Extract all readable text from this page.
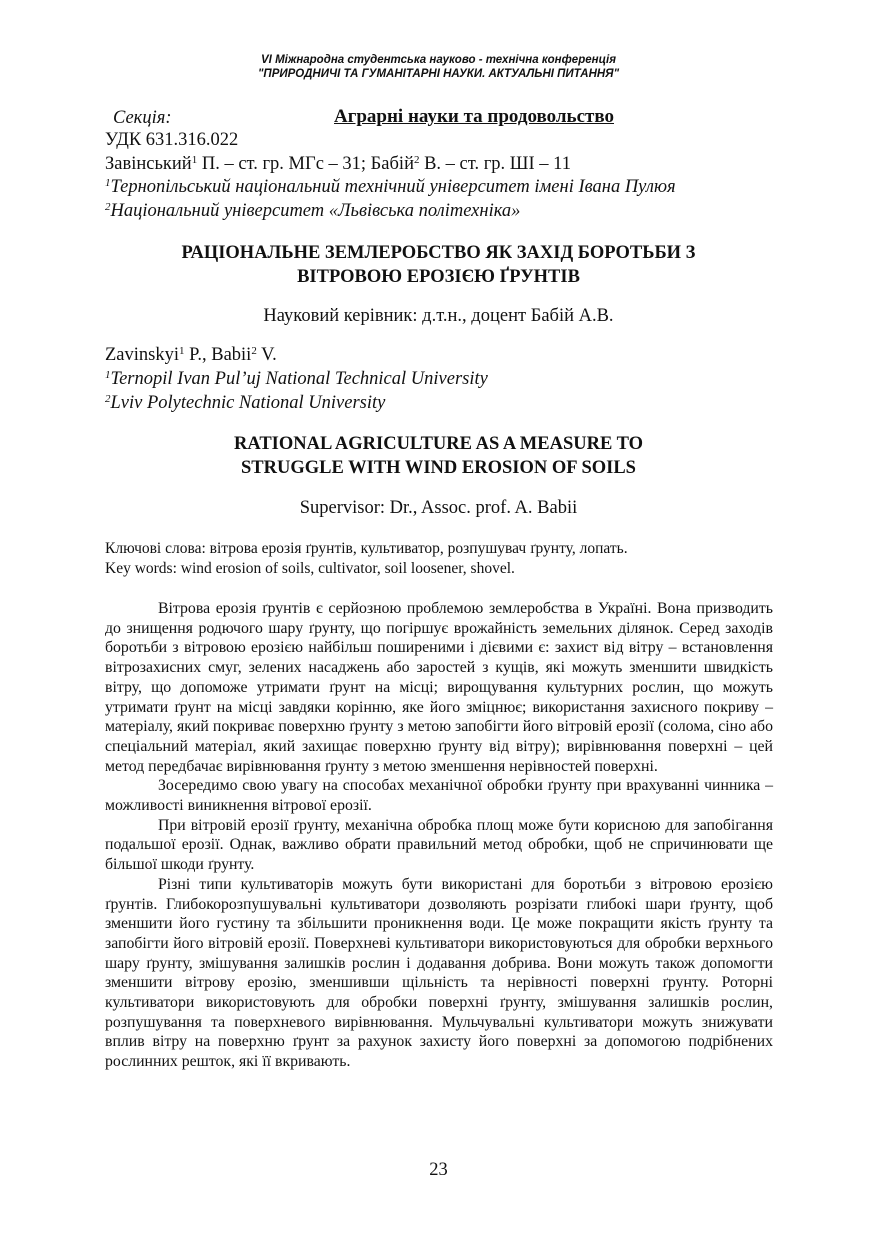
VI Міжнародна студентська науково - технічна конференція
"ПРИРОДНИЧІ ТА ГУМАНІТАРНІ НАУКИ. АКТУАЛЬНІ ПИТАННЯ"
Секція:	Аграрні науки та продовольство
УДК 631.316.022
Завінський$^1$ П. – ст. гр. МГс – 31; Бабій$^2$ В. – ст. гр. ШІ – 11
$^1$Тернопільський національний технічний університет імені Івана Пулюя
$^2$Національний університет «Львівська політехніка»
РАЦІОНАЛЬНЕ ЗЕМЛЕРОБСТВО ЯК ЗАХІД БОРОТЬБИ З
ВІТРОВОЮ ЕРОЗІЄЮ ҐРУНТІВ
Науковий керівник: д.т.н., доцент Бабій А.В.
Zavinskyi$^1$ P., Babii$^2$ V.
$^1$Ternopil Ivan Pul’uj National Technical University
$^2$Lviv Polytechnic National University
RATIONAL AGRICULTURE AS A MEASURE TO
STRUGGLE WITH WIND EROSION OF SOILS
Supervisor: Dr., Assoc. prof. A. Babii
Ключові слова: вітрова ерозія ґрунтів, культиватор, розпушувач ґрунту, лопать.
Key words: wind erosion of soils, cultivator, soil loosener, shovel.

Вітрова ерозія ґрунтів є серйозною проблемою землеробства в Україні. Вона призводить до знищення родючого шару ґрунту, що погіршує врожайність земельних ділянок. Серед заходів боротьби з вітровою ерозією найбільш поширеними і дієвими є: захист від вітру – встановлення вітрозахисних смуг, зелених насаджень або заростей з кущів, які можуть зменшити швидкість вітру, що допоможе утримати ґрунт на місці; вирощування культурних рослин, що можуть утримати ґрунт на місці завдяки корінню, яке його зміцнює; використання захисного покриву – матеріалу, який покриває поверхню ґрунту з метою запобігти його вітровій ерозії (солома, сіно або спеціальний матеріал, який захищає поверхню ґрунту від вітру); вирівнювання поверхні – цей метод передбачає вирівнювання ґрунту з метою зменшення нерівностей поверхні.

Зосередимо свою увагу на способах механічної обробки ґрунту при врахуванні чинника – можливості виникнення вітрової ерозії.

При вітровій ерозії ґрунту, механічна обробка площ може бути корисною для запобігання подальшої ерозії. Однак, важливо обрати правильний метод обробки, щоб не спричинювати ще більшої шкоди ґрунту.

Різні типи культиваторів можуть бути використані для боротьби з вітровою ерозією ґрунтів. Глибокорозпушувальні культиватори дозволяють розрізати глибокі шари ґрунту, щоб зменшити його густину та збільшити проникнення води. Це може покращити якість ґрунту та запобігти його вітровій ерозії. Поверхневі культиватори використовуються для обробки верхнього шару ґрунту, змішування залишків рослин і додавання добрива. Вони можуть також допомогти зменшити вітрову ерозію, зменшивши щільність та нерівності поверхні ґрунту. Роторні культиватори використовують для обробки поверхні ґрунту, змішування залишків рослин, розпушування та поверхневого вирівнювання. Мульчувальні культиватори можуть знижувати вплив вітру на поверхню ґрунт за рахунок захисту його поверхні за допомогою подрібнених рослинних решток, які її вкривають.

23
